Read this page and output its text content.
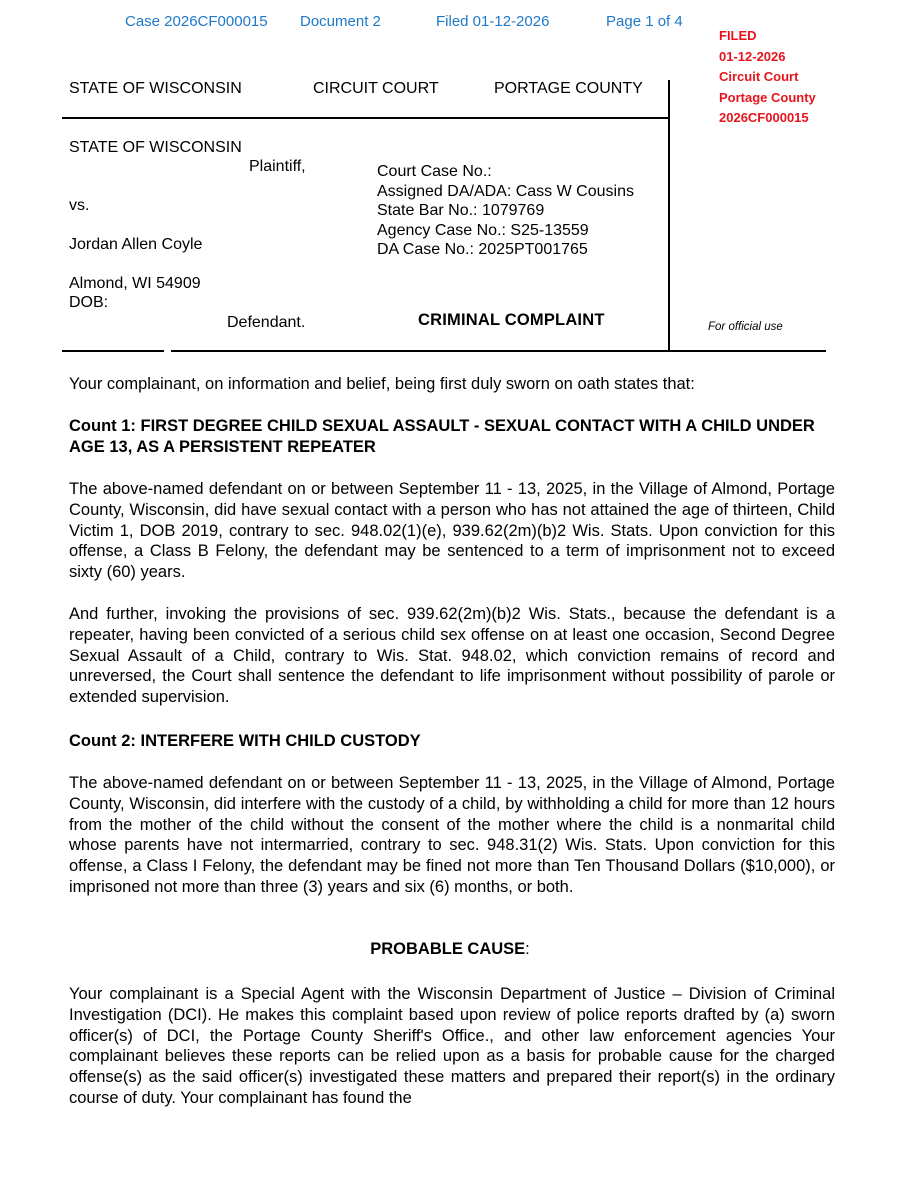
Case 2026CF000015 Document 2	Filed 01-12-2026	Page 1 of 4
FILED
01-12-2026
Circuit Court
Portage County
2026CF000015
STATE OF WISCONSIN	CIRCUIT COURT	PORTAGE COUNTY
STATE OF WISCONSIN
Plaintiff,
vs.
Jordan Allen Coyle
Almond, WI 54909
DOB:
Defendant.
Court Case No.:
Assigned DA/ADA: Cass W Cousins
State Bar No.: 1079769
Agency Case No.: S25-13559
DA Case No.: 2025PT001765
CRIMINAL COMPLAINT	For official use

Your complainant, on information and belief, being first duly sworn on oath states that:

Count 1: FIRST DEGREE CHILD SEXUAL ASSAULT - SEXUAL CONTACT WITH A CHILD UNDER AGE 13, AS A PERSISTENT REPEATER

The above-named defendant on or between September 11 - 13, 2025, in the Village of Almond, Portage County, Wisconsin, did have sexual contact with a person who has not attained the age of thirteen, Child Victim 1, DOB 2019, contrary to sec. 948.02(1)(e), 939.62(2m)(b)2 Wis. Stats. Upon conviction for this offense, a Class B Felony, the defendant may be sentenced to a term of imprisonment not to exceed sixty (60) years.

And further, invoking the provisions of sec. 939.62(2m)(b)2 Wis. Stats., because the defendant is a repeater, having been convicted of a serious child sex offense on at least one occasion, Second Degree Sexual Assault of a Child, contrary to Wis. Stat. 948.02, which conviction remains of record and unreversed, the Court shall sentence the defendant to life imprisonment without possibility of parole or extended supervision.

Count 2: INTERFERE WITH CHILD CUSTODY

The above-named defendant on or between September 11 - 13, 2025, in the Village of Almond, Portage County, Wisconsin, did interfere with the custody of a child, by withholding a child for more than 12 hours from the mother of the child without the consent of the mother where the child is a nonmarital child whose parents have not intermarried, contrary to sec. 948.31(2) Wis. Stats. Upon conviction for this offense, a Class I Felony, the defendant may be fined not more than Ten Thousand Dollars ($10,000), or imprisoned not more than three (3) years and six (6) months, or both.

PROBABLE CAUSE:

Your complainant is a Special Agent with the Wisconsin Department of Justice – Division of Criminal Investigation (DCI). He makes this complaint based upon review of police reports drafted by (a) sworn officer(s) of DCI, the Portage County Sheriff's Office., and other law enforcement agencies Your complainant believes these reports can be relied upon as a basis for probable cause for the charged offense(s) as the said officer(s) investigated these matters and prepared their report(s) in the ordinary course of duty. Your complainant has found the
